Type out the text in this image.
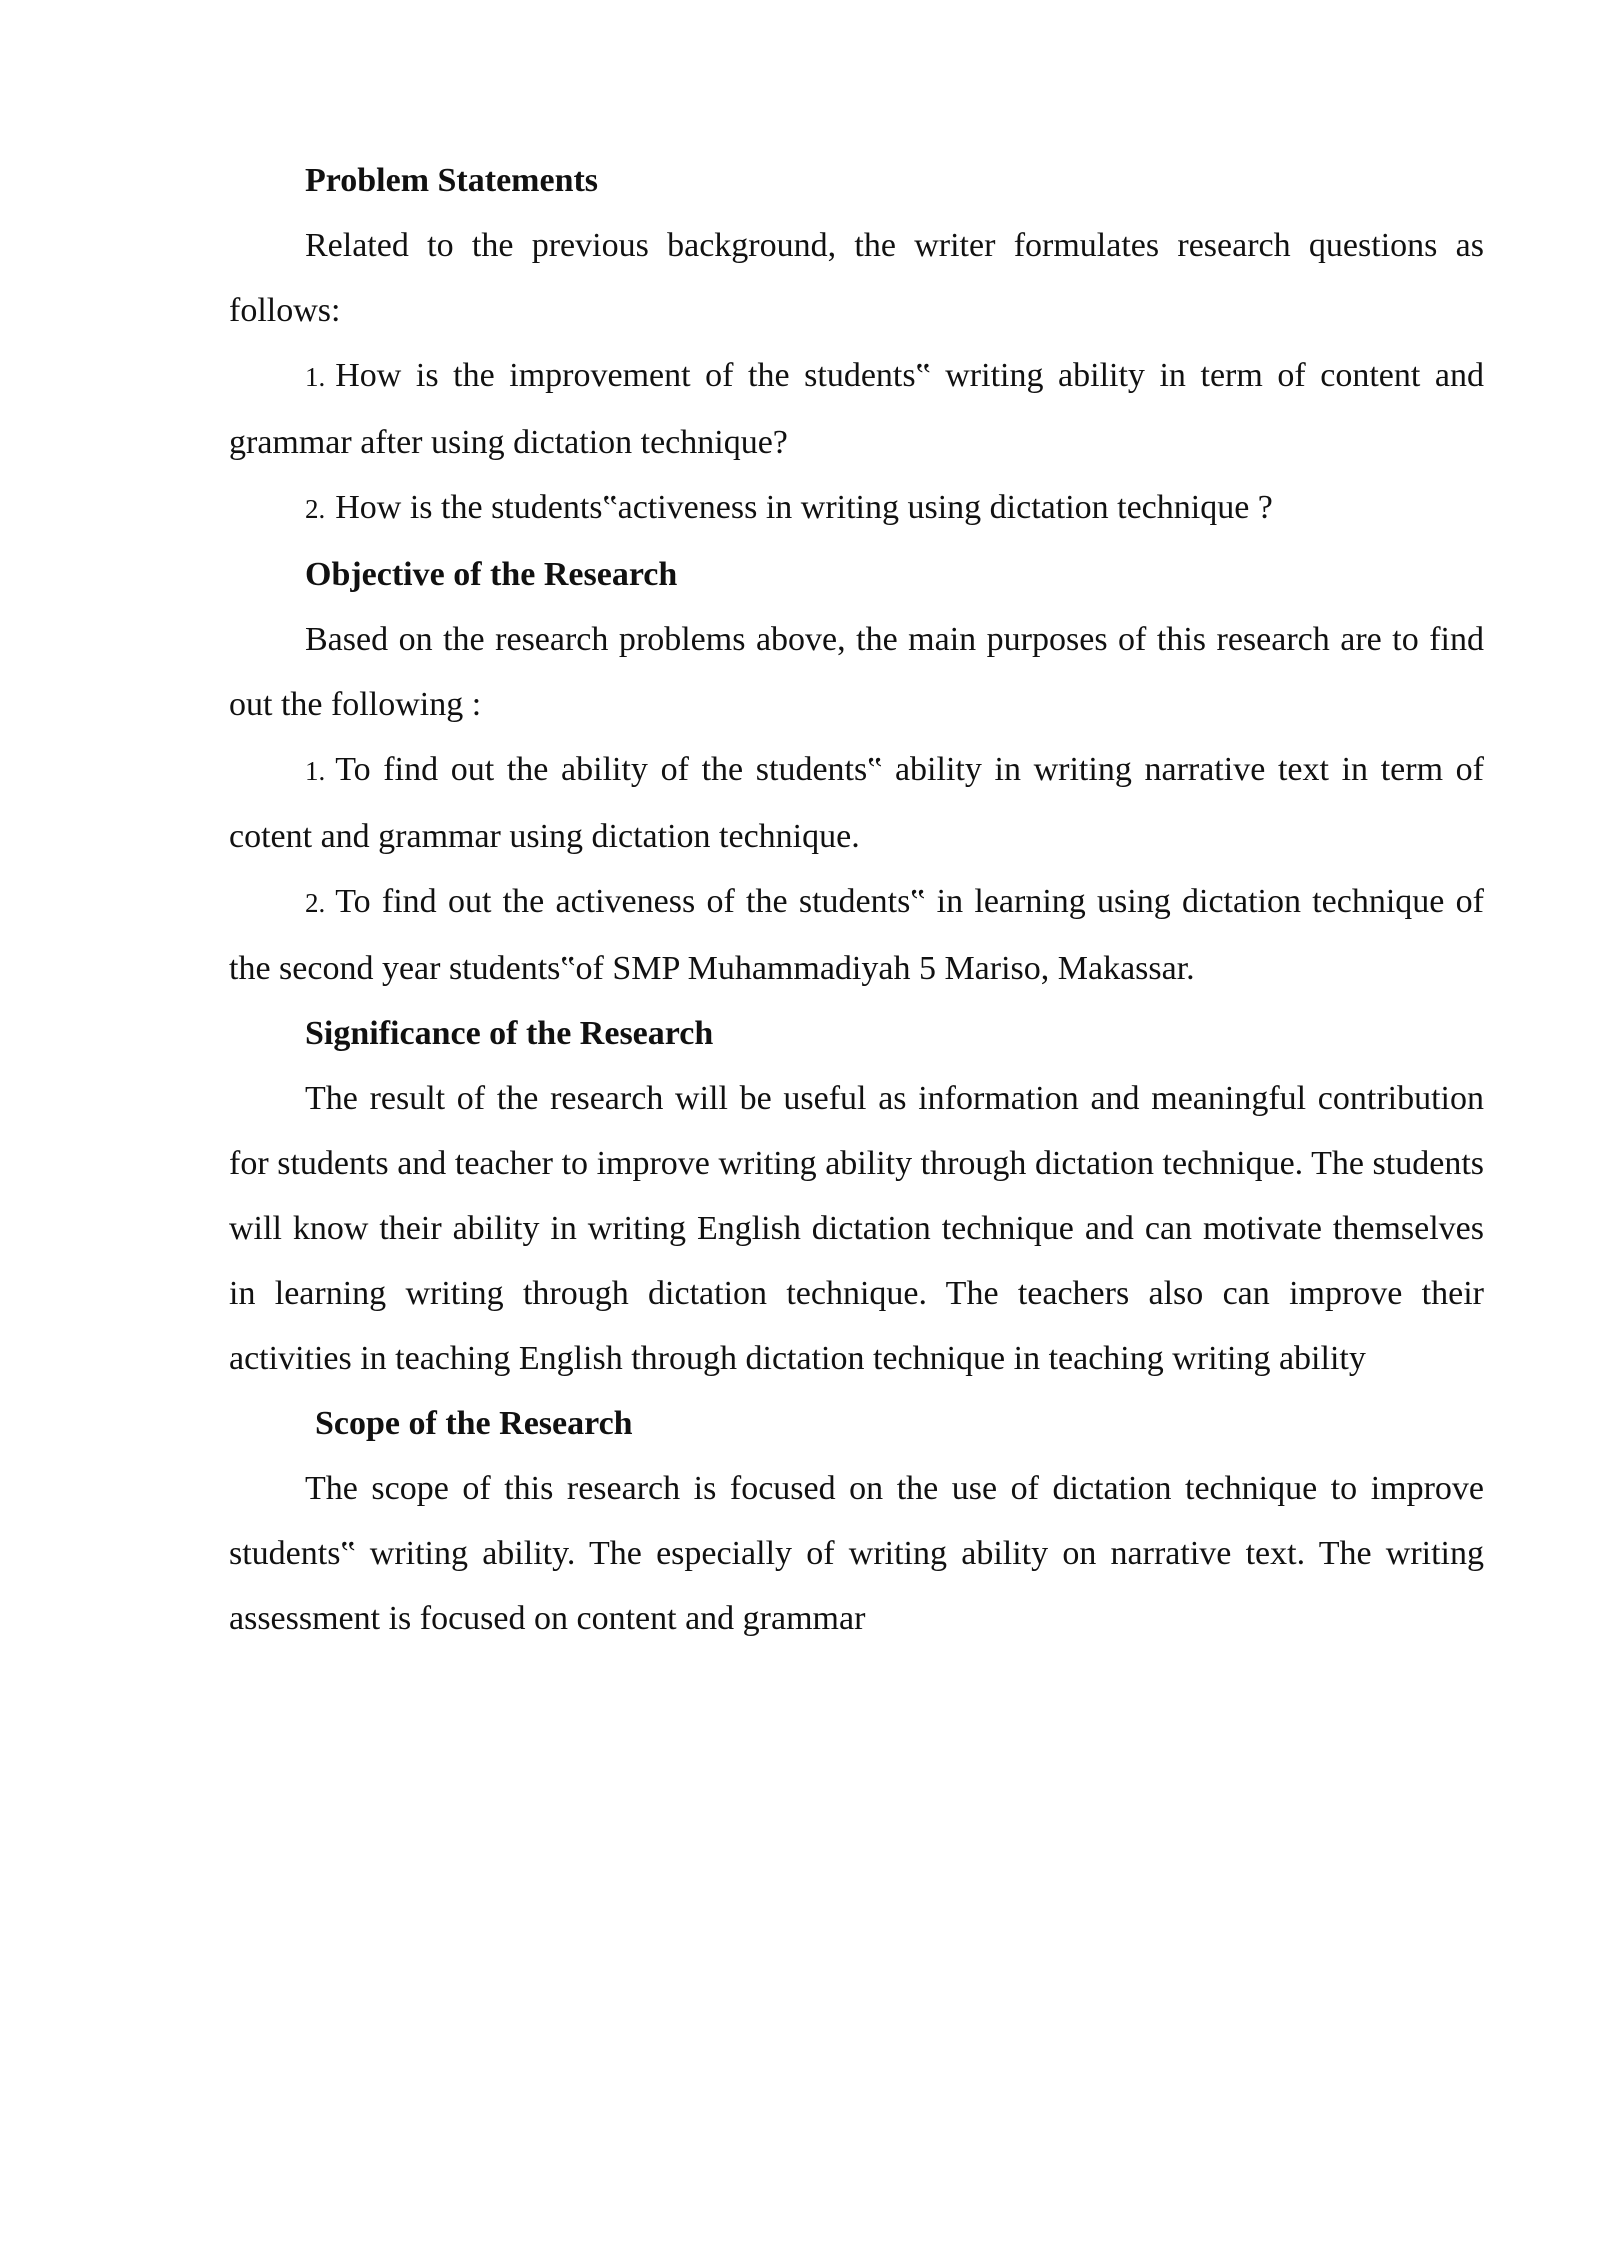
Problem Statements

Related to the previous background, the writer formulates research questions as follows:

1. How is the improvement of the students‟ writing ability in term of content and grammar after using dictation technique?

2. How is the students‟activeness in writing using dictation technique ?

Objective of the Research

Based on the research problems above, the main purposes of this research are to find out the following :

1. To find out the ability of the students‟ ability in writing narrative text in term of cotent and grammar using dictation technique.

2. To find out the activeness of the students‟ in learning using dictation technique of the second year students‟of SMP Muhammadiyah 5 Mariso, Makassar.

Significance of the Research

The result of the research will be useful as information and meaningful contribution for students and teacher to improve writing ability through dictation technique. The students will know their ability in writing English dictation technique and can motivate themselves in learning writing through dictation technique. The teachers also can improve their activities in teaching English through dictation technique in teaching writing ability

Scope of the Research

The scope of this research is focused on the use of dictation technique to improve students‟ writing ability. The especially of writing ability on narrative text. The writing assessment is focused on content and grammar
